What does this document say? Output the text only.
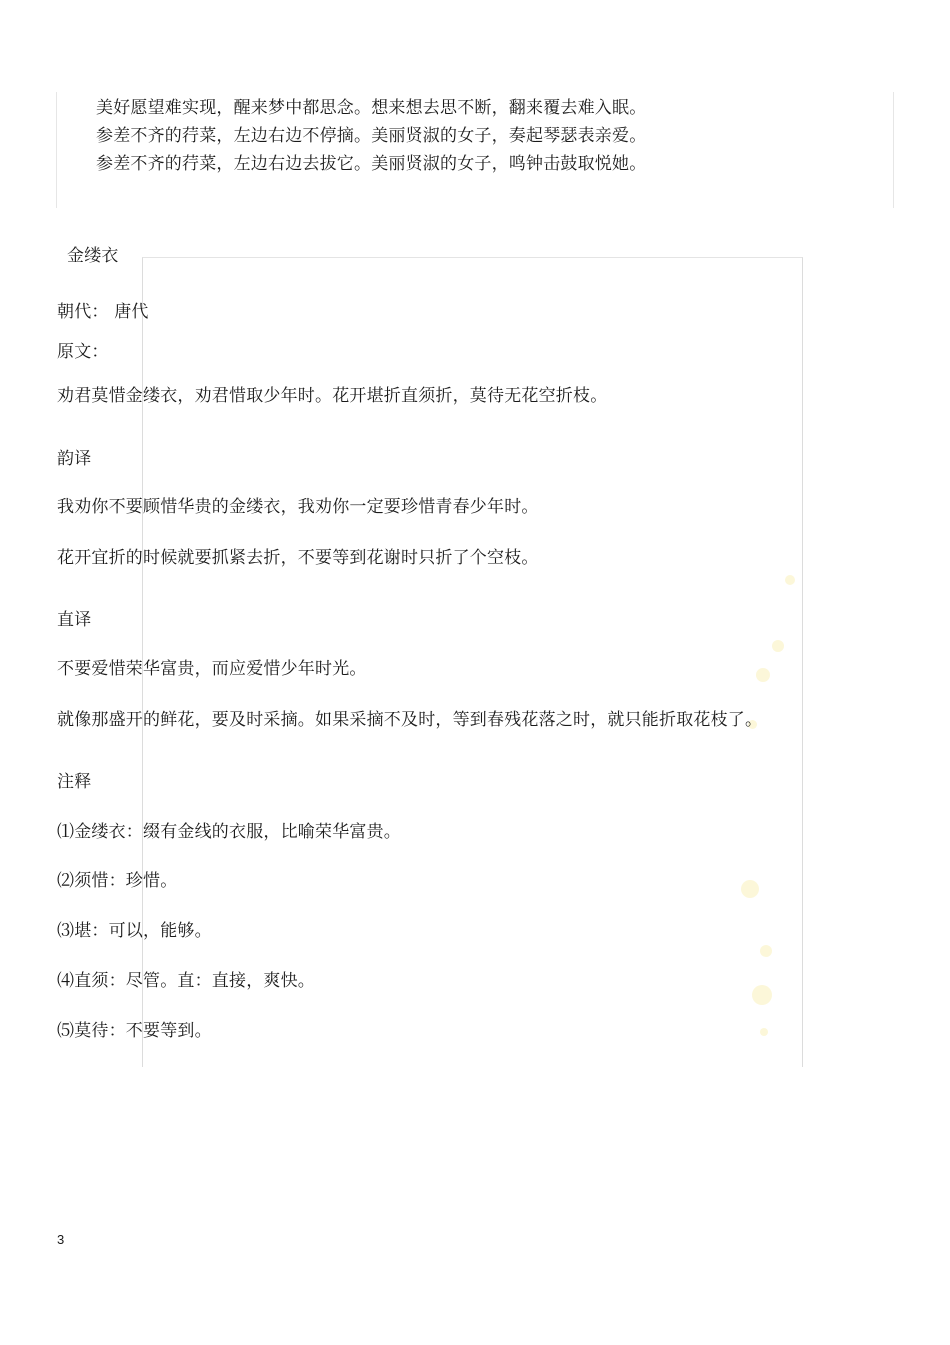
美好愿望难实现，醒来梦中都思念。想来想去思不断，翻来覆去难入眠。
参差不齐的荇菜，左边右边不停摘。美丽贤淑的女子，奏起琴瑟表亲爱。
参差不齐的荇菜，左边右边去拔它。美丽贤淑的女子，鸣钟击鼓取悦她。
金缕衣
朝代： 唐代
原文：
劝君莫惜金缕衣，劝君惜取少年时。花开堪折直须折，莫待无花空折枝。
韵译
我劝你不要顾惜华贵的金缕衣，我劝你一定要珍惜青春少年时。
花开宜折的时候就要抓紧去折，不要等到花谢时只折了个空枝。
直译
不要爱惜荣华富贵，而应爱惜少年时光。
就像那盛开的鲜花，要及时采摘。如果采摘不及时，等到春残花落之时，就只能折取花枝了。
注释
⑴金缕衣：缀有金线的衣服，比喻荣华富贵。
⑵须惜：珍惜。
⑶堪：可以，能够。
⑷直须：尽管。直：直接，爽快。
⑸莫待：不要等到。
3
